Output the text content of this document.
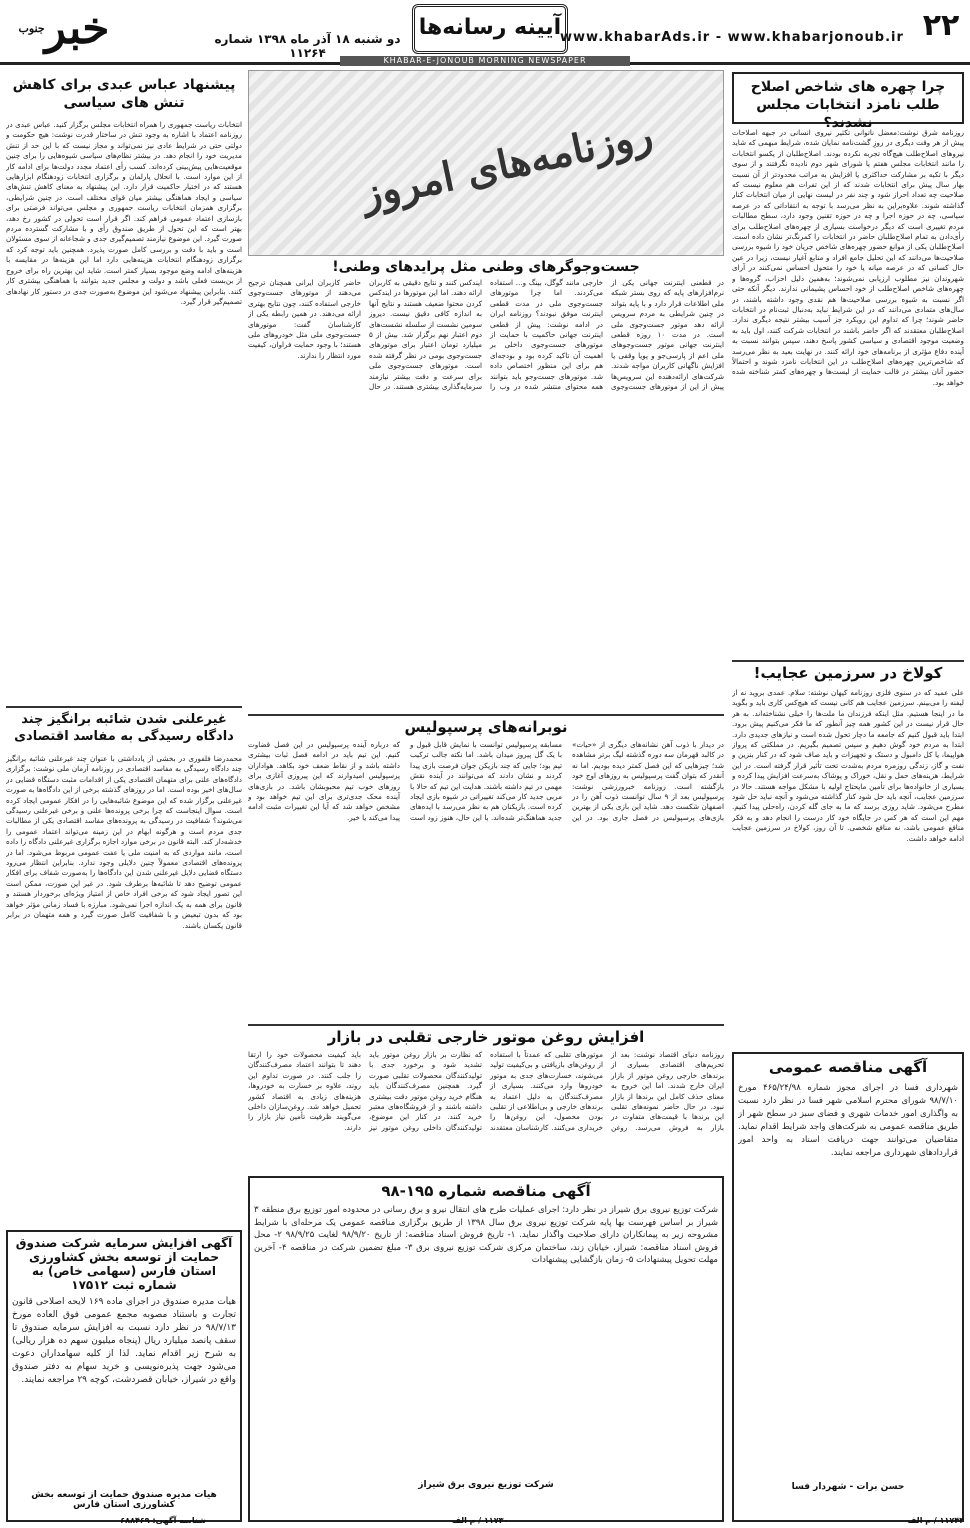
۲۲
www.khabarAds.ir - www.khabarjonoub.ir
آیینه رسانه‌ها
دو شنبه ۱۸ آذر ماه ۱۳۹۸ شماره ۱۱۲۶۴
خبر$^{جنوب}$
KHABAR-E-JONOUB MORNING NEWSPAPER
چرا چهره های شاخص اصلاح طلب نامزد انتخابات مجلس نشدند؟
روزنامه شرق نوشت:معضل ناتوانی تکثیر نیروی انسانی در جبهه اصلاحات پیش از هر وقت دیگری در روزِ گشت‌نامه نمایان شده، شرایط مبهمی که شاید نیروهای اصلاح‌طلب هیچ‌گاه تجربه نکرده بودند. اصلاح‌طلبان از یکسو انتخابات را مانند انتخابات مجلس هفتم یا شورای شهر دوم نادیده نگرفتند و از سوی دیگر با تکیه بر مشارکت حداکثری یا افزایش به مراتب محدودتر از آن نسبت بهار سال پیش برای انتخابات شدند که از این تفرات هم معلوم نیست که صلاحیت چه تعداد احراز شود و چند نفر در لیست نهایی از میان انتخابات کنار گذاشته شوند. علاوه‌براین به نظر می‌رسد با توجه به انتقاداتی که در عرصه سیاسی، چه در حوزه اجرا و چه در حوزه تقنین وجود دارد، سطح مطالبات مردم تغییری است که دیگر درخواست بسیاری از چهره‌های اصلاح‌طلب برای رأی‌دادن به تمام اصلاح‌طلبان حاضر در انتخابات را کمرنگ‌تر نشان داده است. اصلاح‌طلبان یکی از موانع حضور چهره‌های شاخص جریان خود را شیوه بررسی صلاحیت‌ها می‌دانند که این تحلیل جامع افراد و منابع آغیار نیست، زیرا در عین حال کسانی که در عرصه میانه یا خود را متحول احساس نمی‌کنند در آرای شهروندان نیز مطلوب ارزیابی نمی‌شوند؛ به‌همین دلیل احزاب، گروه‌ها و چهره‌های شاخص اصلاح‌طلب از خود احساس پشیمانی ندارند. دیگر آنکه حتی اگر نسبت به شیوه بررسی صلاحیت‌ها هم نقدی وجود داشته باشند، در سال‌های متمادی می‌دانند که در این شرایط نباید به‌دنبال ثبت‌نام در انتخابات حاضر شوند؛ چرا که تداوم این رویکرد جز آسیب بیشتر نتیجه دیگری ندارد. اصلاح‌طلبان معتقدند که اگر حاضر باشند در انتخابات شرکت کنند، اول باید به وضعیت موجود اقتصادی و سیاسی کشور پاسخ دهند، سپس بتوانند نسبت به آینده دفاع مؤثری از برنامه‌های خود ارائه کنند. در نهایت بعید به نظر می‌رسد که شاخص‌ترین چهره‌های اصلاح‌طلب در این انتخابات نامزد شوند و احتمالاً حضور آنان بیشتر در قالب حمایت از لیست‌ها و چهره‌های کمتر شناخته شده خواهد بود.
کولاخ در سرزمین عجایب!
علی عمید که در سنوی فلزی روزنامه کیهان نوشته: سلام. عمدی بروید نه از لیفنه را می‌بینم. سرزمین عجایب هم کانی نیست که هیچ‌کس کاری باید و بگوید ما در اینجا هستیم. مثل اینکه فرزندان ما ملت‌ها را خیلی نشناخته‌اند. به هر حال قرار نیست در این کشور همه چیز آنطور که ما فکر می‌کنیم پیش برود. ابتدا باید قبول کنیم که جامعه ما دچار تحول شده است و نیازهای جدیدی دارد. ابتدا به مردم خود گوش دهیم و سپس تصمیم بگیریم. در مملکتی که پرواز هواپیما، یا کل دامبول و دستک و تجهیزات و باید صاف شود که در کنار بنزین و نفت و گاز، زندگی روزمره مردم به‌شدت تحت تأثیر قرار گرفته است. در این شرایط، هزینه‌های حمل و نقل، خوراک و پوشاک به‌سرعت افزایش پیدا کرده و بسیاری از خانواده‌ها برای تأمین مایحتاج اولیه با مشکل مواجه هستند. حالا در سرزمین عجایب، آنچه باید حل شود کنار گذاشته می‌شود و آنچه نباید حل شود مطرح می‌شود. شاید روزی برسد که ما به جای گله کردن، راه‌حلی پیدا کنیم. مهم این است که هر کس در جایگاه خود کار درست را انجام دهد و به فکر منافع عمومی باشد، نه منافع شخصی. تا آن روز، کولاخ در سرزمین عجایب ادامه خواهد داشت.
روزنامه‌های امروز
جست‌وجوگرهای وطنی مثل پرایدهای وطنی!
در قطعنی اینترنت جهانی یکی از نرم‌افزارهای پایه که روی بستر شبکه ملی اطلاعات قرار دارد و با پایه بتواند در چنین شرایطی به مردم سرویس ارائه دهد موتور جست‌وجوی ملی است. در مدت ۱۰ روزه قطعی اینترنت جهانی موتور جست‌وجوهای ملی اعم از پارسی‌جو و پویا وقفی یا افزایش ناگهانی کاربران مواجه شدند. شرکت‌های ارائه‌دهنده این سرویس‌ها پیش از این از موتورهای جست‌وجوی خارجی مانند گوگل، بینگ و... استفاده می‌کردند. اما چرا موتورهای جست‌وجوی ملی در مدت قطعی اینترنت موفق نبودند؟ روزنامه ایران در ادامه نوشت: پیش از قطعی اینترنت جهانی حاکمیت با حمایت از موتورهای جست‌وجوی داخلی بر اهمیت آن تاکید کرده بود و بودجه‌ای هم برای این منظور اختصاص داده شد. موتورهای جست‌وجو باید بتوانند همه محتوای منتشر شده در وب را ایندکس کنند و نتایج دقیقی به کاربران ارائه دهند. اما این موتورها در ایندکس کردن محتوا ضعیف هستند و نتایج آنها به اندازه کافی دقیق نیست. دیروز سومین نشست از سلسله نشست‌های دوم اعتبار نهم برگزار شد. بیش از ۵ میلیارد تومان اعتبار برای موتورهای جست‌وجوی بومی در نظر گرفته شده است. موتورهای جست‌وجوی ملی برای سرعت و دقت بیشتر نیازمند سرمایه‌گذاری بیشتری هستند. در حال حاضر کاربران ایرانی همچنان ترجیح می‌دهند از موتورهای جست‌وجوی خارجی استفاده کنند، چون نتایج بهتری ارائه می‌دهند. در همین رابطه یکی از کارشناسان گفت: موتورهای جست‌وجوی ملی مثل خودروهای ملی هستند؛ با وجود حمایت فراوان، کیفیت مورد انتظار را ندارند.
نوبرانه‌های پرسپولیس
در دیدار با ذوب آهن نشانه‌های دیگری از «حیات» در کالبد قهرمان سه دوره گذشته لیگ برتر مشاهده شد؛ چیزهایی که این فصل کمتر دیده بودیم. اما نه آنقدر که بتوان گفت پرسپولیس به روزهای اوج خود بازگشته است. روزنامه خبرورزشی نوشت: پرسپولیس بعد از ۹ سال توانست ذوب آهن را در اصفهان شکست دهد. شاید این بازی یکی از بهترین بازی‌های پرسپولیس در فصل جاری بود. در این مسابقه پرسپولیس توانست با نمایش قابل قبول و با یک گل پیروز میدان باشد. اما نکته جالب ترکیب تیم بود؛ جایی که چند بازیکن جوان فرصت بازی پیدا کردند و نشان دادند که می‌توانند در آینده نقش مهمی در تیم داشته باشند. هدایت این تیم که حالا با مربی جدید کار می‌کند تغییراتی در شیوه بازی ایجاد کرده است. بازیکنان هم به نظر می‌رسد با ایده‌های جدید هماهنگ‌تر شده‌اند. با این حال، هنوز زود است که درباره آینده پرسپولیس در این فصل قضاوت کنیم. این تیم باید در ادامه فصل ثبات بیشتری داشته باشد و از نقاط ضعف خود بکاهد. هواداران پرسپولیس امیدوارند که این پیروزی آغازی برای روزهای خوب تیم محبوبشان باشد. در بازی‌های آینده محک جدی‌تری برای این تیم خواهد بود و مشخص خواهد شد که آیا این تغییرات مثبت ادامه پیدا می‌کند یا خیر.
افزایش روغن موتور خارجی تقلبی در بازار
روزنامه دنیای اقتصاد نوشت: بعد از تحریم‌های اقتصادی بسیاری از برندهای خارجی روغن موتور از بازار ایران خارج شدند. اما این خروج به معنای حذف کامل این برندها از بازار نبود. در حال حاضر نمونه‌های تقلبی این برندها با قیمت‌های متفاوت در بازار به فروش می‌رسد. روغن موتورهای تقلبی که عمدتاً با استفاده از روغن‌های بازیافتی و بی‌کیفیت تولید می‌شوند، خسارت‌های جدی به موتور خودروها وارد می‌کنند. بسیاری از مصرف‌کنندگان به دلیل اعتماد به برندهای خارجی و بی‌اطلاعی از تقلبی بودن محصول، این روغن‌ها را خریداری می‌کنند. کارشناسان معتقدند که نظارت بر بازار روغن موتور باید تشدید شود و برخورد جدی با تولیدکنندگان محصولات تقلبی صورت گیرد. همچنین مصرف‌کنندگان باید هنگام خرید روغن موتور دقت بیشتری داشته باشند و از فروشگاه‌های معتبر خرید کنند. در کنار این موضوع، تولیدکنندگان داخلی روغن موتور نیز باید کیفیت محصولات خود را ارتقا دهند تا بتوانند اعتماد مصرف‌کنندگان را جلب کنند. در صورت تداوم این روند، علاوه بر خسارت به خودروها، هزینه‌های زیادی به اقتصاد کشور تحمیل خواهد شد. روغن‌سازان داخلی می‌گویند ظرفیت تأمین نیاز بازار را دارند.
پیشنهاد عباس عبدی برای کاهش تنش های سیاسی
انتخابات ریاست جمهوری را همراه انتخابات مجلس برگزار کنید. عباس عبدی در روزنامه اعتماد با اشاره به وجود تنش در ساختار قدرت نوشت: هیچ حکومت و دولتی حتی در شرایط عادی نیز نمی‌تواند و مجاز نیست که با این حد از تنش مدیریت خود را انجام دهد. در بیشتر نظام‌های سیاسی شیوه‌هایی را برای چنین موقعیت‌هایی پیش‌بینی کرده‌اند. کسب رأی اعتماد مجدد دولت‌ها برای ادامه کار از این موارد است. با انحلال پارلمان و برگزاری انتخابات زودهنگام ابزارهایی هستند که در اختیار حاکمیت قرار دارد. این پیشنهاد به معنای کاهش تنش‌های سیاسی و ایجاد هماهنگی بیشتر میان قوای مختلف است. در چنین شرایطی، برگزاری همزمان انتخابات ریاست جمهوری و مجلس می‌تواند فرصتی برای بازسازی اعتماد عمومی فراهم کند. اگر قرار است تحولی در کشور رخ دهد، بهتر است که این تحول از طریق صندوق رأی و با مشارکت گسترده مردم صورت گیرد. این موضوع نیازمند تصمیم‌گیری جدی و شجاعانه از سوی مسئولان است و باید با دقت و بررسی کامل صورت پذیرد. همچنین باید توجه کرد که برگزاری زودهنگام انتخابات هزینه‌هایی دارد اما این هزینه‌ها در مقایسه با هزینه‌های ادامه وضع موجود بسیار کمتر است. شاید این بهترین راه برای خروج از بن‌بست فعلی باشد و دولت و مجلس جدید بتوانند با هماهنگی بیشتری کار کنند. بنابراین پیشنهاد می‌شود این موضوع به‌صورت جدی در دستور کار نهادهای تصمیم‌گیر قرار گیرد.
غیرعلنی شدن شائبه برانگیز چند دادگاه رسیدگی به مفاسد اقتصادی
محمدرضا فلفوری در بخشی از یادداشتی با عنوان چند غیرعلنی شائبه برانگیز چند دادگاه رسیدگی به مفاسد اقتصادی در روزنامه آرمان ملی نوشت: برگزاری دادگاه‌های علنی برای متهمان اقتصادی یکی از اقدامات مثبت دستگاه قضایی در سال‌های اخیر بوده است. اما در روزهای گذشته برخی از این دادگاه‌ها به صورت غیرعلنی برگزار شده که این موضوع شائبه‌هایی را در افکار عمومی ایجاد کرده است. سوال اینجاست که چرا برخی پرونده‌ها علنی و برخی غیرعلنی رسیدگی می‌شوند؟ شفافیت در رسیدگی به پرونده‌های مفاسد اقتصادی یکی از مطالبات جدی مردم است و هرگونه ابهام در این زمینه می‌تواند اعتماد عمومی را خدشه‌دار کند. البته قانون در برخی موارد اجازه برگزاری غیرعلنی دادگاه را داده است، مانند مواردی که به امنیت ملی یا عفت عمومی مربوط می‌شود. اما در پرونده‌های اقتصادی معمولاً چنین دلایلی وجود ندارد. بنابراین انتظار می‌رود دستگاه قضایی دلایل غیرعلنی شدن این دادگاه‌ها را به‌صورت شفاف برای افکار عمومی توضیح دهد تا شائبه‌ها برطرف شود. در غیر این صورت، ممکن است این تصور ایجاد شود که برخی افراد خاص از امتیاز ویژه‌ای برخوردار هستند و قانون برای همه به یک اندازه اجرا نمی‌شود. مبارزه با فساد زمانی مؤثر خواهد بود که بدون تبعیض و با شفافیت کامل صورت گیرد و همه متهمان در برابر قانون یکسان باشند.
آگهی افزایش سرمایه شرکت صندوق حمایت از توسعه بخش کشاورزی استان فارس (سهامی خاص) به شماره ثبت ۱۷۵۱۲
هیأت مدیره صندوق در اجرای ماده ۱۶۹ لایحه اصلاحی قانون تجارت و باستناد مصوبه مجمع عمومی فوق العاده مورخ ۹۸/۷/۱۳ در نظر دارد نسبت به افزایش سرمایه صندوق تا سقف پانصد میلیارد ریال (پنجاه میلیون سهم ده هزار ریالی) به شرح زیر اقدام نماید. لذا از کلیه سهامداران دعوت می‌شود جهت پذیره‌نویسی و خرید سهام به دفتر صندوق واقع در شیراز، خیابان قصردشت، کوچه ۲۹ مراجعه نمایند.
هیات مدیره صندوق حمایت از توسعه بخش کشاورزی استان فارس
آگهی مناقصه شماره ۱۹۵-۹۸
شرکت توزیع نیروی برق شیراز در نظر دارد: اجرای عملیات طرح های انتقال نیرو و برق رسانی در محدوده امور توزیع برق منطقه ۳ شیراز بر اساس فهرست بها پایه شرکت توزیع نیروی برق سال ۱۳۹۸ از طریق برگزاری مناقصه عمومی یک مرحله‌ای با شرایط مشروحه زیر به پیمانکاران دارای صلاحیت واگذار نماید. ۱- تاریخ فروش اسناد مناقصه: از تاریخ ۹۸/۹/۲۰ لغایت ۹۸/۹/۲۵ ۲- محل فروش اسناد مناقصه: شیراز، خیابان زند، ساختمان مرکزی شرکت توزیع نیروی برق ۳- مبلغ تضمین شرکت در مناقصه ۴- آخرین مهلت تحویل پیشنهادات ۵- زمان بازگشایی پیشنهادات
شرکت توزیع نیروی برق شیراز
آگهی مناقصه عمومی
شهرداری فسا در اجرای مجوز شماره ۴۶۵/۲۴/۹۸ مورخ ۹۸/۷/۱۰ شورای محترم اسلامی شهر فسا در نظر دارد نسبت به واگذاری امور خدمات شهری و فضای سبز در سطح شهر از طریق مناقصه عمومی به شرکت‌های واجد شرایط اقدام نماید. متقاضیان می‌توانند جهت دریافت اسناد به واحد امور قراردادهای شهرداری مراجعه نمایند.
حسن برات - شهردار فسا
شناسه آگهی: ۶۸۸۴۶۹	۱۱۷۳۰ / م الف	۱۱۷۴۴ / م الف
